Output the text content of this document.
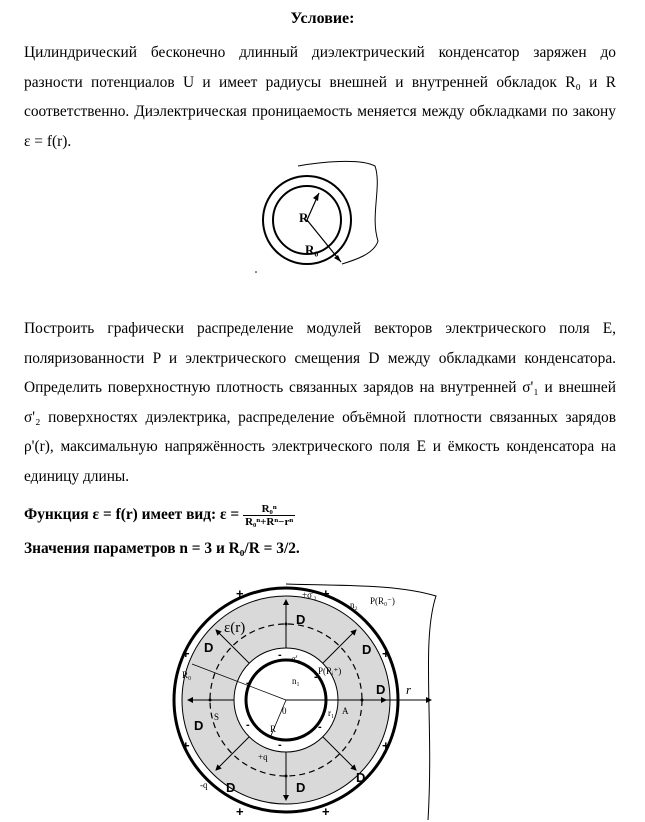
Условие:

Цилиндрический бесконечно длинный диэлектрический конденсатор заряжен до разности потенциалов U и имеет радиусы внешней и внутренней обкладок R₀ и R соответственно. Диэлектрическая проницаемость меняется между обкладками по закону ε = f(r).

R
R₀

Построить графически распределение модулей векторов электрического поля E, поляризованности P и электрического смещения D между обкладками конденсатора. Определить поверхностную плотность связанных зарядов на внутренней σ'₁ и внешней σ'₂ поверхностях диэлектрика, распределение объёмной плотности связанных зарядов ρ'(r), максимальную напряжённость электрического поля E и ёмкость конденсатора на единицу длины.

Функция ε = f(r) имеет вид: $\varepsilon = \frac{\text{R₀ⁿ}}{\text{R₀ⁿ+Rⁿ−rⁿ}}$
Значения параметров n = 3 и R₀/R = 3/2.
r
D
D
D
D
D
D	D
D
ε(r)
R₀
R
0
S
A
-σ'₁
+σ'₂
+q
-q
n₁
n₂
r₁
P(Rᵢ⁺)
P(R₀⁻)
+	+
+	+
+	+
+	+
-
-
-
-
-
-
